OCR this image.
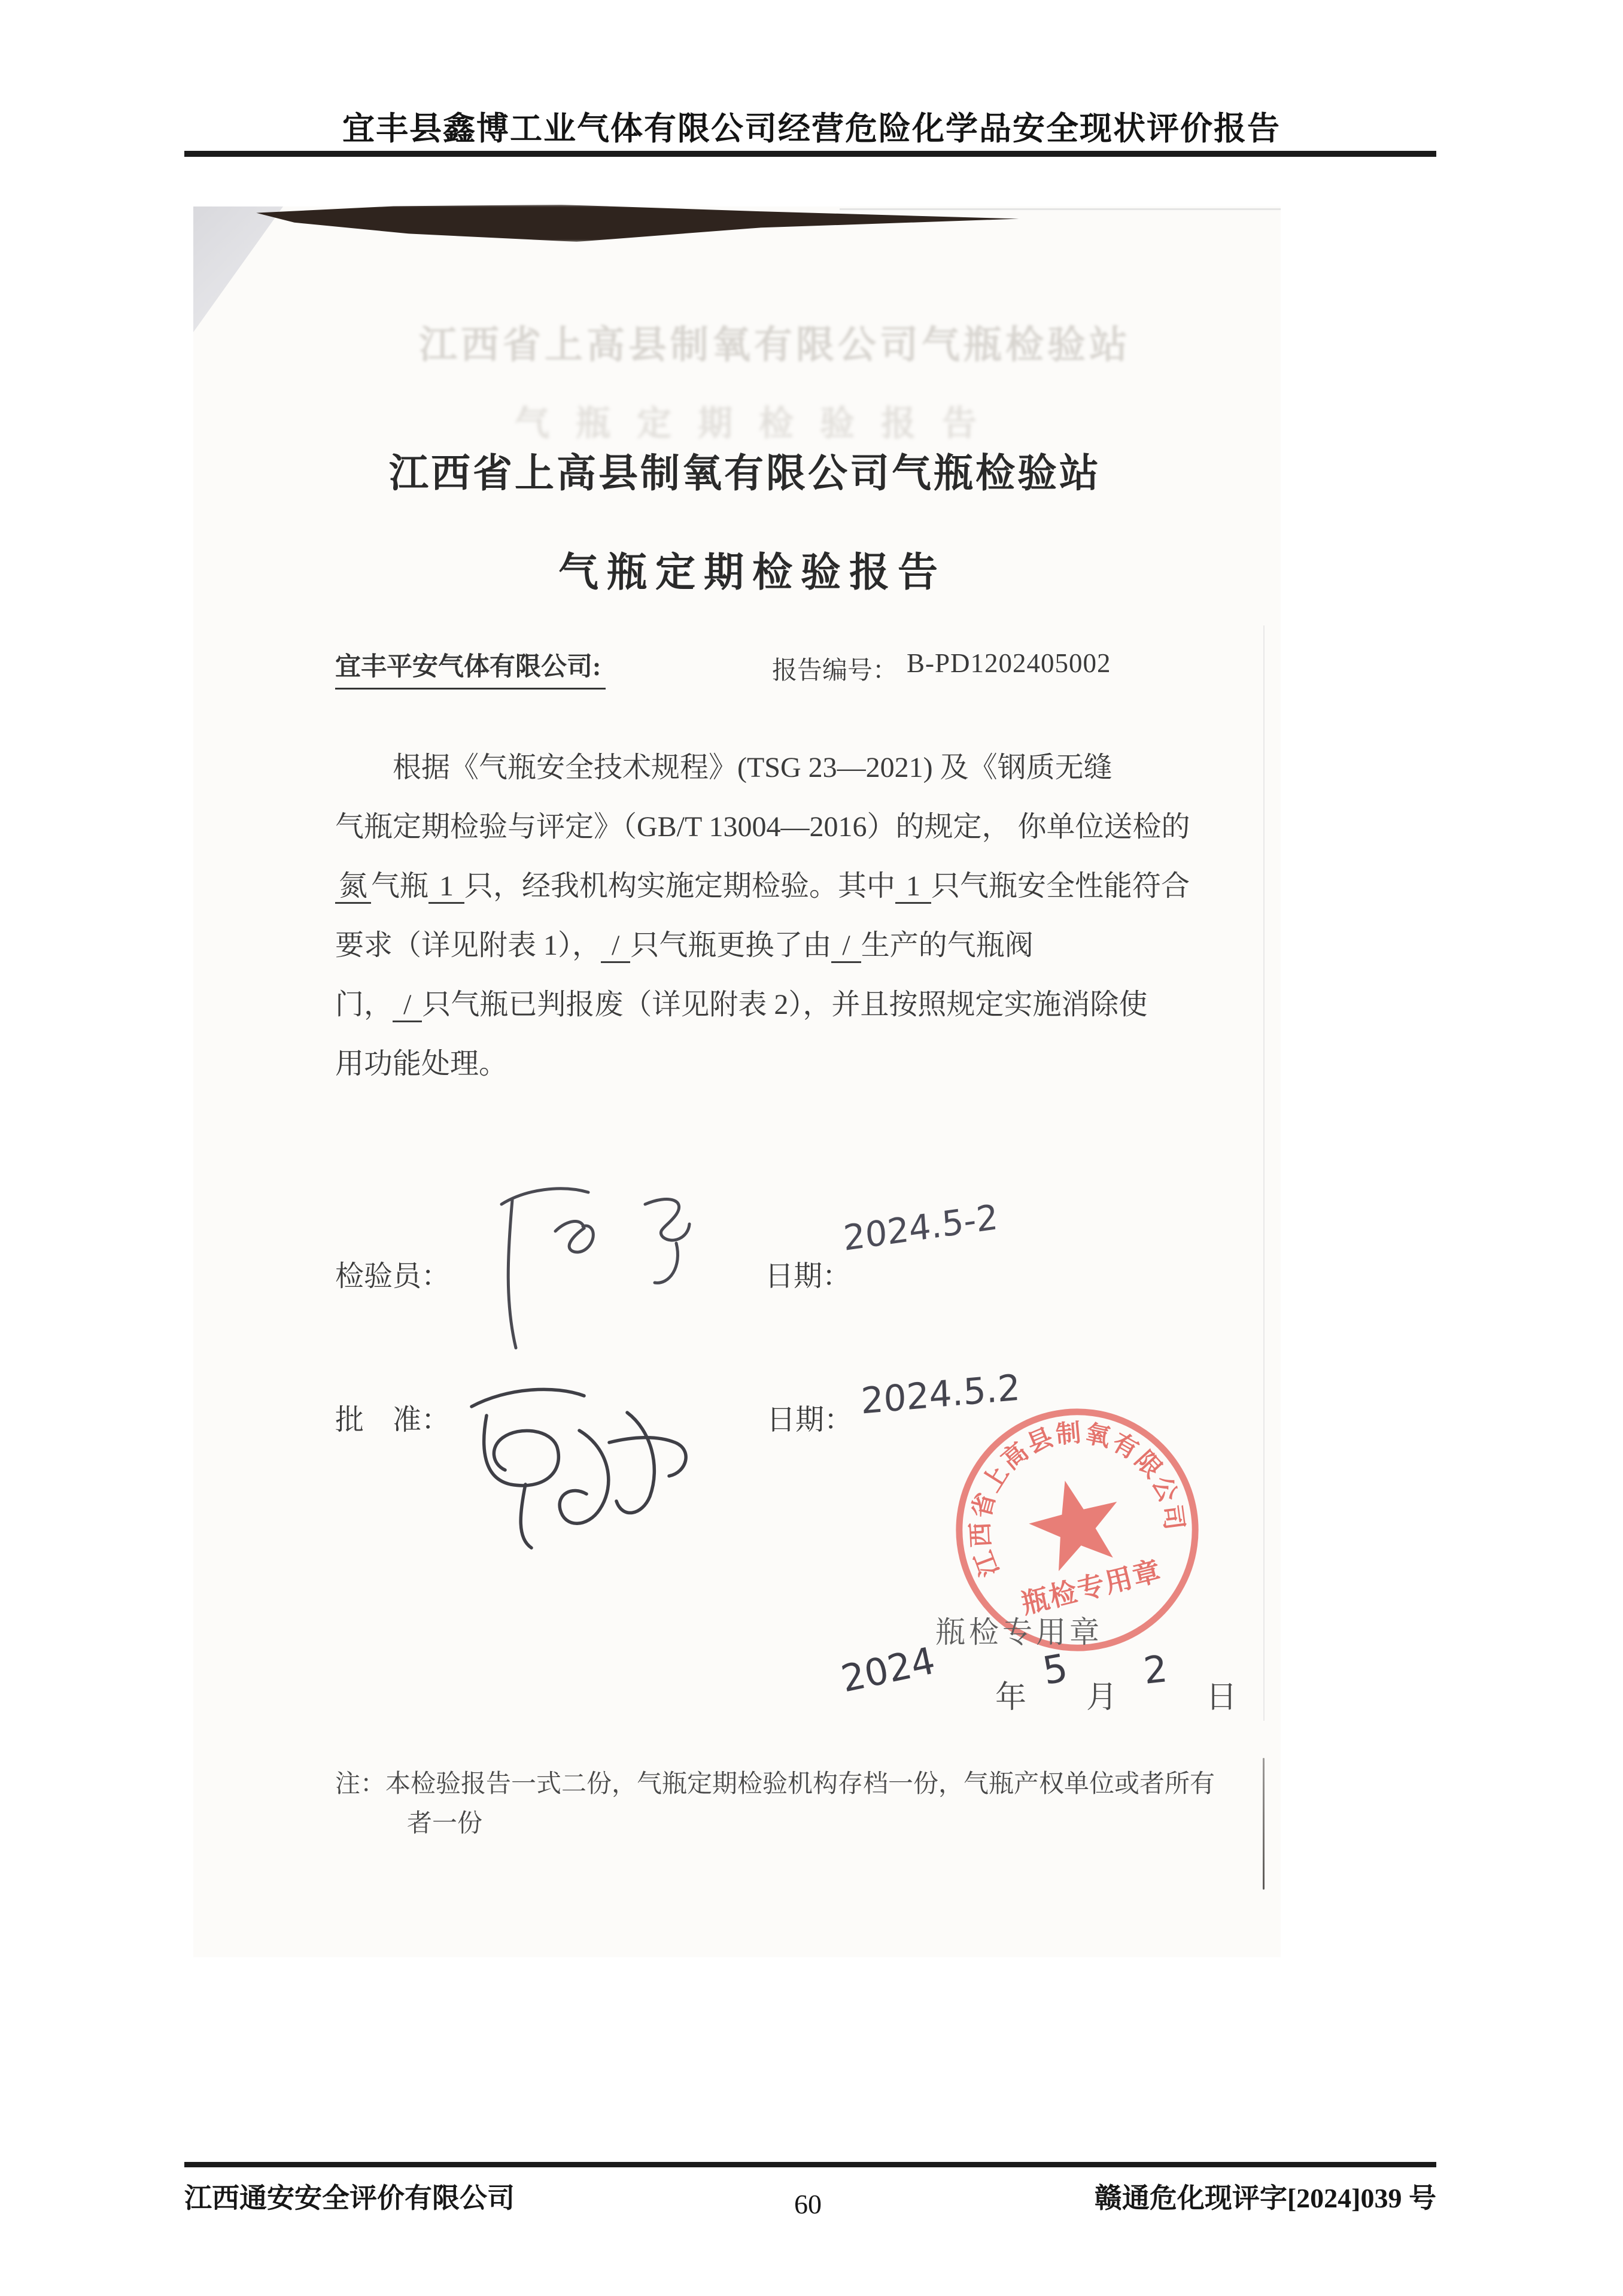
宜丰县鑫博工业气体有限公司经营危险化学品安全现状评价报告
江西省上高县制氧有限公司气瓶检验站
气瓶定期检验报告
江西省上高县制氧有限公司气瓶检验站
气瓶定期检验报告
宜丰平安气体有限公司:	报告编号： B-PD1202405002
根据《气瓶安全技术规程》(TSG 23—2021) 及《钢质无缝
气瓶定期检验与评定》（GB/T 13004—2016）的规定， 你单位送检的
氮 气瓶 1 只，经我机构实施定期检验。其中 1 只气瓶安全性能符合
要求（详见附表 1）， / 只气瓶更换了由 / 生产的气瓶阀
门， / 只气瓶已判报废（详见附表 2），并且按照规定实施消除使
用功能处理。
检验员：	日期：
2024.5-2
批　准：	日期： 2024.5.2
江西省上高县制氧有限公司
瓶检专用章
瓶检专用章
2024 年
5
月
2
日
注：本检验报告一式二份，气瓶定期检验机构存档一份，气瓶产权单位或者所有
者一份
江西通安安全评价有限公司	60	赣通危化现评字[2024]039 号
